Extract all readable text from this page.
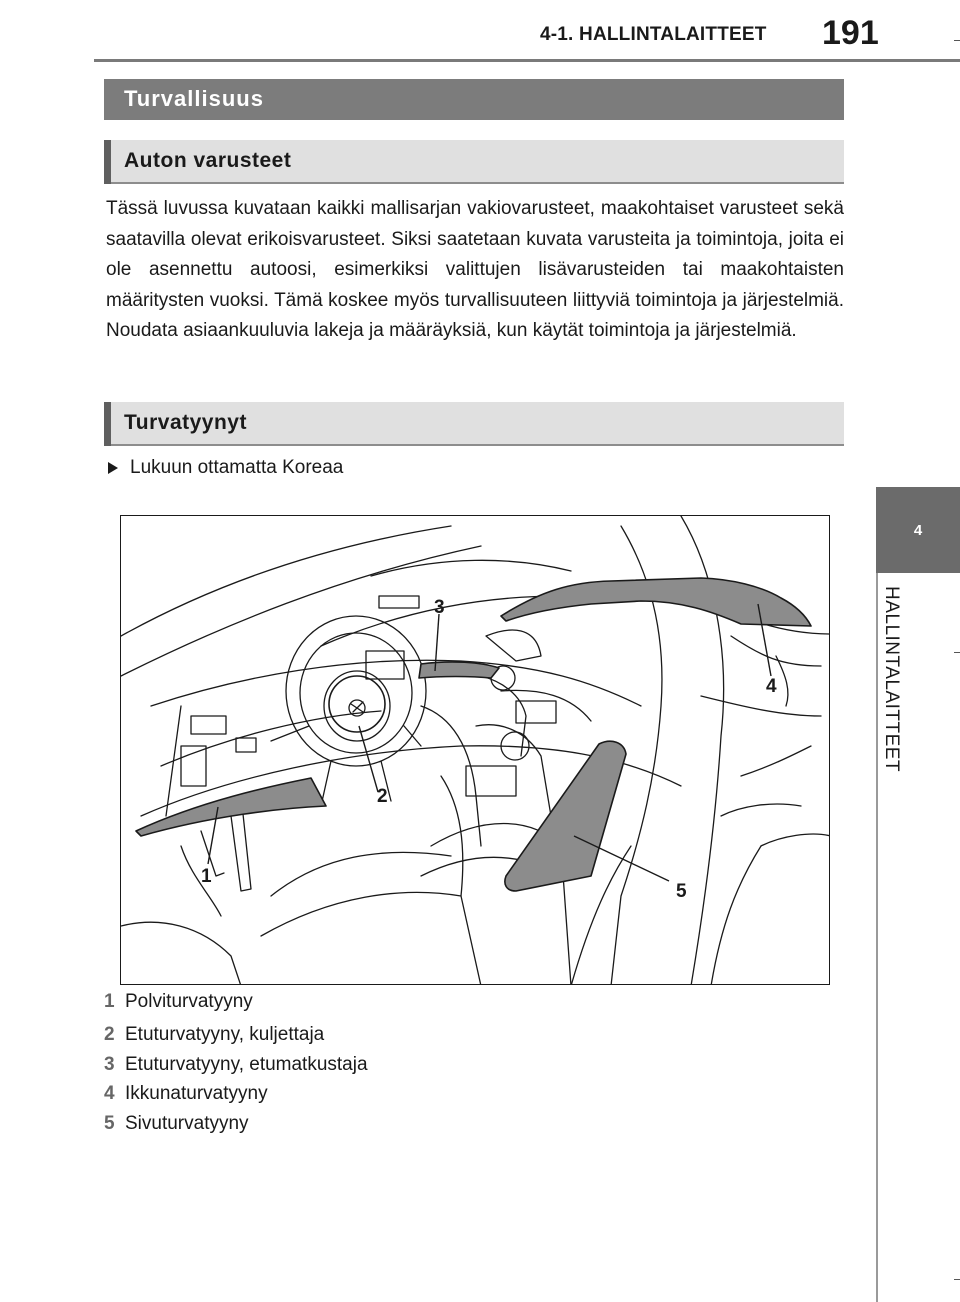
4-1. HALLINTALAITTEET 191
4
HALLINTALAITTEET
Turvallisuus
Auton varusteet
Tässä luvussa kuvataan kaikki mallisarjan vakiovarusteet, maakohtaiset varusteet sekä saatavilla olevat erikoisvarusteet. Siksi saatetaan kuvata varusteita ja toimintoja, joita ei ole asennettu autoosi, esimerkiksi valittujen lisävarusteiden tai maakohtaisten määritysten vuoksi. Tämä koskee myös turvallisuuteen liittyviä toimintoja ja järjestelmiä. Noudata asiaankuuluvia lakeja ja määräyksiä, kun käytät toimintoja ja järjestelmiä.
Turvatyynyt
Lukuun ottamatta Koreaa
1
2
3
4
5
1 Polviturvatyyny
2 Etuturvatyyny, kuljettaja
3 Etuturvatyyny, etumatkustaja
4 Ikkunaturvatyyny
5 Sivuturvatyyny
